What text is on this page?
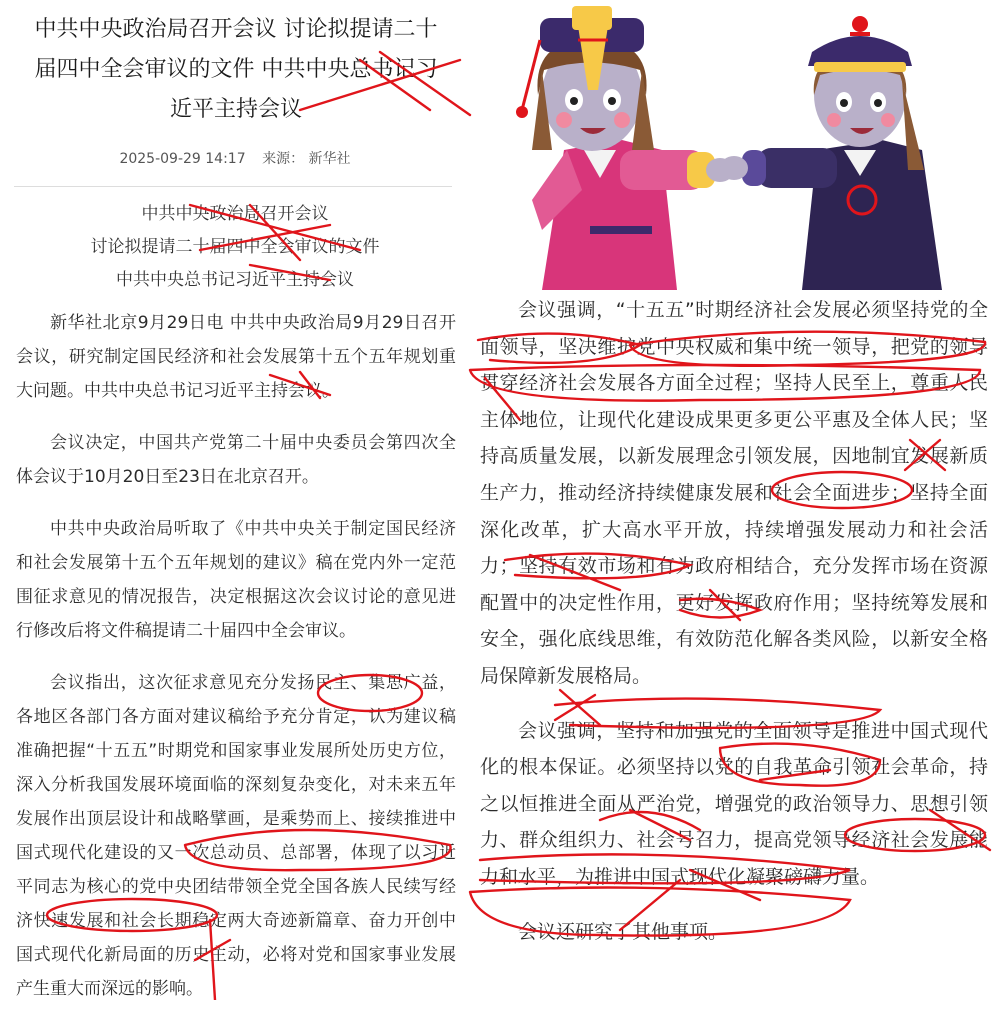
中共中央政治局召开会议 讨论拟提请二十
届四中全会审议的文件 中共中央总书记习
近平主持会议
2025-09-29 14:17 来源： 新华社
中共中央政治局召开会议
讨论拟提请二十届四中全会审议的文件
中共中央总书记习近平主持会议

新华社北京9月29日电 中共中央政治局9月29日召开会议，研究制定国民经济和社会发展第十五个五年规划重大问题。中共中央总书记习近平主持会议。

会议决定，中国共产党第二十届中央委员会第四次全体会议于10月20日至23日在北京召开。

中共中央政治局听取了《中共中央关于制定国民经济和社会发展第十五个五年规划的建议》稿在党内外一定范围征求意见的情况报告，决定根据这次会议讨论的意见进行修改后将文件稿提请二十届四中全会审议。

会议指出，这次征求意见充分发扬民主、集思广益，各地区各部门各方面对建议稿给予充分肯定，认为建议稿准确把握“十五五”时期党和国家事业发展所处历史方位，深入分析我国发展环境面临的深刻复杂变化，对未来五年发展作出顶层设计和战略擘画，是乘势而上、接续推进中国式现代化建设的又一次总动员、总部署，体现了以习近平同志为核心的党中央团结带领全党全国各族人民续写经济快速发展和社会长期稳定两大奇迹新篇章、奋力开创中国式现代化新局面的历史主动，必将对党和国家事业发展产生重大而深远的影响。

会议强调，“十五五”时期经济社会发展必须坚持党的全面领导，坚决维护党中央权威和集中统一领导，把党的领导贯穿经济社会发展各方面全过程；坚持人民至上，尊重人民主体地位，让现代化建设成果更多更公平惠及全体人民；坚持高质量发展，以新发展理念引领发展，因地制宜发展新质生产力，推动经济持续健康发展和社会全面进步；坚持全面深化改革，扩大高水平开放，持续增强发展动力和社会活力；坚持有效市场和有为政府相结合，充分发挥市场在资源配置中的决定性作用，更好发挥政府作用；坚持统筹发展和安全，强化底线思维，有效防范化解各类风险，以新安全格局保障新发展格局。

会议强调，坚持和加强党的全面领导是推进中国式现代化的根本保证。必须坚持以党的自我革命引领社会革命，持之以恒推进全面从严治党，增强党的政治领导力、思想引领力、群众组织力、社会号召力，提高党领导经济社会发展能力和水平，为推进中国式现代化凝聚磅礴力量。

会议还研究了其他事项。
